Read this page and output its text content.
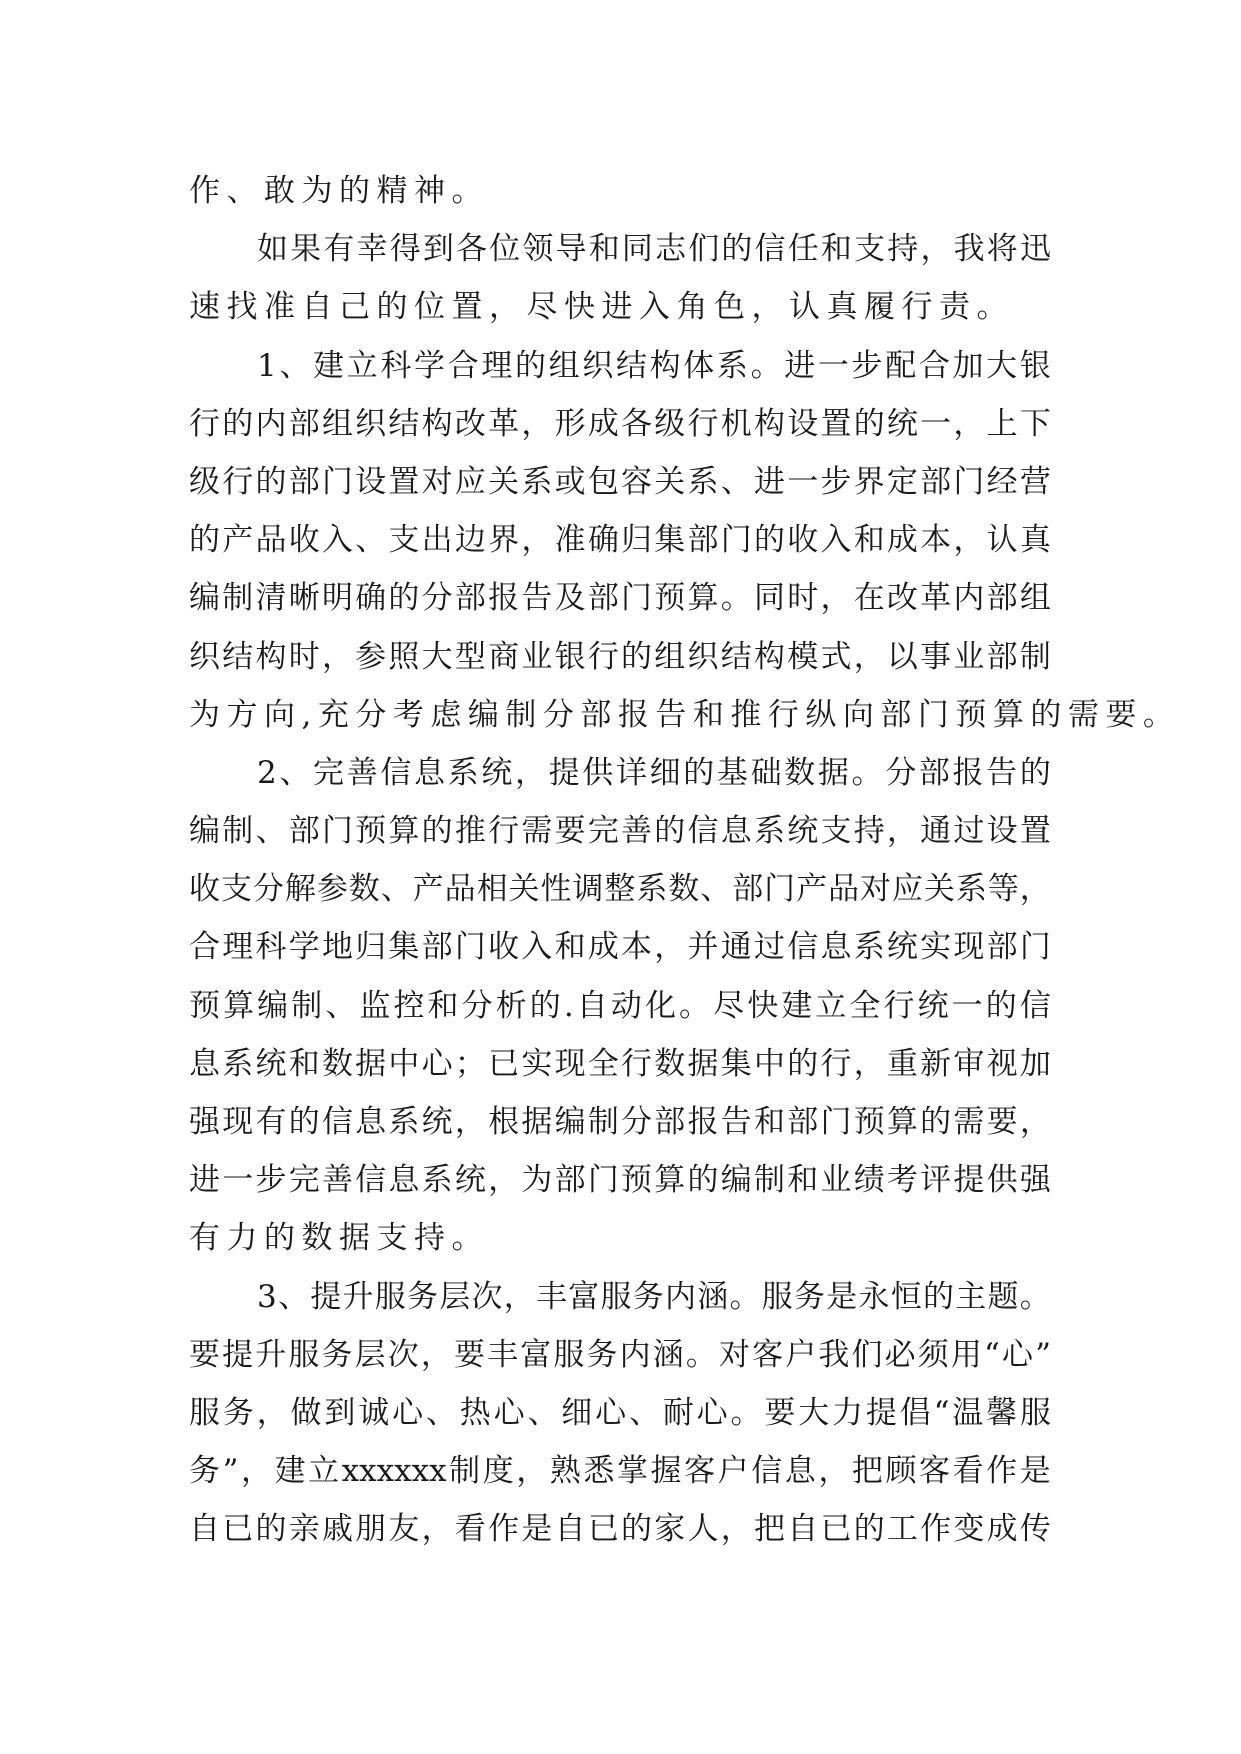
作 、 敢 为 的 精 神 。
如 果 有 幸 得 到 各 位 领 导 和 同 志 们 的 信 任 和 支 持 ， 我 将 迅
速 找 准 自 己 的 位 置 ， 尽 快 进 入 角 色 ， 认 真 履 行 责 。
1 、 建 立 科 学 合 理 的 组 织 结 构 体 系 。 进 一 步 配 合 加 大 银
行 的 内 部 组 织 结 构 改 革 ， 形 成 各 级 行 机 构 设 置 的 统 一 ， 上 下
级 行 的 部 门 设 置 对 应 关 系 或 包 容 关 系 、 进 一 步 界 定 部 门 经 营
的 产 品 收 入 、 支 出 边 界 ， 准 确 归 集 部 门 的 收 入 和 成 本 ， 认 真
编 制 清 晰 明 确 的 分 部 报 告 及 部 门 预 算 。 同 时 ， 在 改 革 内 部 组
织 结 构 时 ， 参 照 大 型 商 业 银 行 的 组 织 结 构 模 式 ， 以 事 业 部 制
为 方 向 , 充 分 考 虑 编 制 分 部 报 告 和 推 行 纵 向 部 门 预 算 的 需 要 。
2 、 完 善 信 息 系 统 ， 提 供 详 细 的 基 础 数 据 。 分 部 报 告 的
编 制 、 部 门 预 算 的 推 行 需 要 完 善 的 信 息 系 统 支 持 ， 通 过 设 置
收 支 分 解 参 数 、 产 品 相 关 性 调 整 系 数 、 部 门 产 品 对 应 关 系 等 ，
合 理 科 学 地 归 集 部 门 收 入 和 成 本 ， 并 通 过 信 息 系 统 实 现 部 门
预 算 编 制 、 监 控 和 分 析 的 . 自 动 化 。 尽 快 建 立 全 行 统 一 的 信
息 系 统 和 数 据 中 心 ； 已 实 现 全 行 数 据 集 中 的 行 ， 重 新 审 视 加
强 现 有 的 信 息 系 统 ， 根 据 编 制 分 部 报 告 和 部 门 预 算 的 需 要 ，
进 一 步 完 善 信 息 系 统 ， 为 部 门 预 算 的 编 制 和 业 绩 考 评 提 供 强
有 力 的 数 据 支 持 。
3 、 提 升 服 务 层 次 ， 丰 富 服 务 内 涵 。 服 务 是 永 恒 的 主 题 。
要 提 升 服 务 层 次 ， 要 丰 富 服 务 内 涵 。 对 客 户 我 们 必 须 用 “ 心 ”
服 务 ， 做 到 诚 心 、 热 心 、 细 心 、 耐 心 。 要 大 力 提 倡 “ 温 馨 服
务 ” ， 建 立 xxxxxx 制 度 ， 熟 悉 掌 握 客 户 信 息 ， 把 顾 客 看 作 是
自 已 的 亲 戚 朋 友 ， 看 作 是 自 已 的 家 人 ， 把 自 已 的 工 作 变 成 传
